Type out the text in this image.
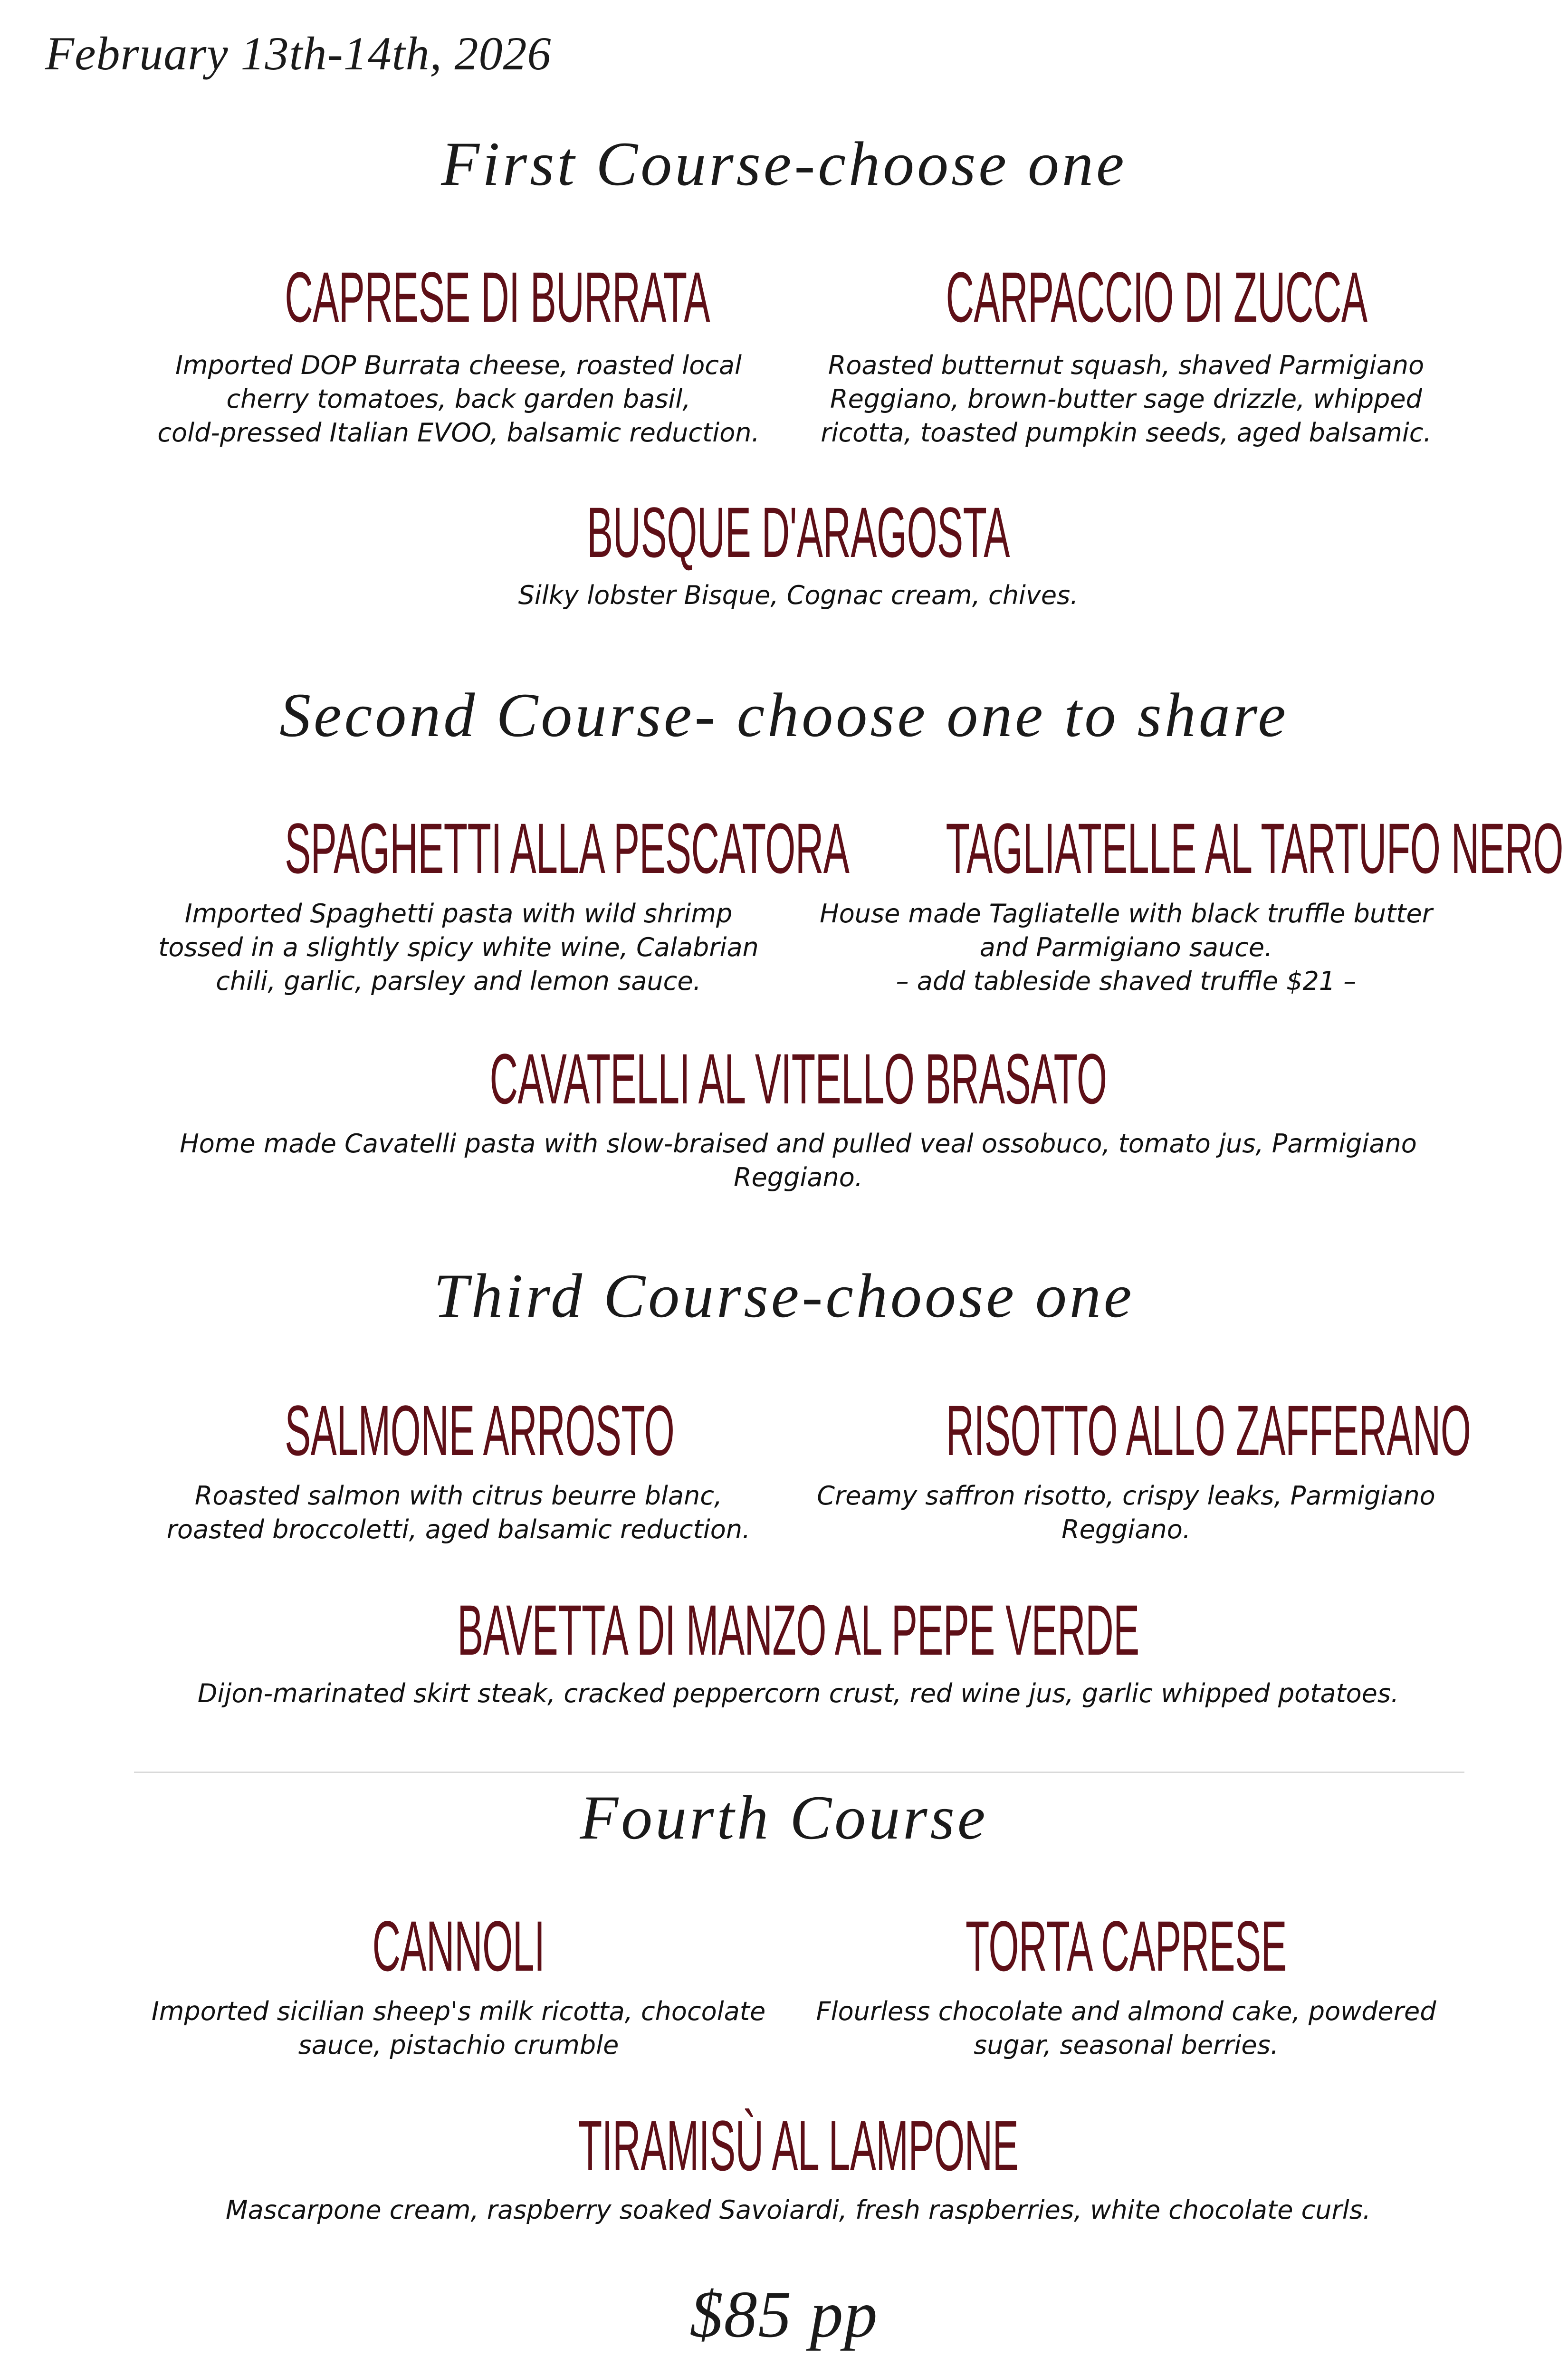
February 13th-14th, 2026
First Course-choose one
CAPRESE DI BURRATA
Imported DOP Burrata cheese, roasted local
cherry tomatoes, back garden basil,
cold-pressed Italian EVOO, balsamic reduction.
CARPACCIO DI ZUCCA
Roasted butternut squash, shaved Parmigiano
Reggiano, brown-butter sage drizzle, whipped
ricotta, toasted pumpkin seeds, aged balsamic.
BUSQUE D'ARAGOSTA
Silky lobster Bisque, Cognac cream, chives.
Second Course- choose one to share
SPAGHETTI ALLA PESCATORA
Imported Spaghetti pasta with wild shrimp
tossed in a slightly spicy white wine, Calabrian
chili, garlic, parsley and lemon sauce.
TAGLIATELLE AL TARTUFO NERO
House made Tagliatelle with black truffle butter
and Parmigiano sauce.
– add tableside shaved truffle $21 –
CAVATELLI AL VITELLO BRASATO
Home made Cavatelli pasta with slow-braised and pulled veal ossobuco, tomato jus, Parmigiano
Reggiano.
Third Course-choose one
SALMONE ARROSTO
Roasted salmon with citrus beurre blanc,
roasted broccoletti, aged balsamic reduction.
RISOTTO ALLO ZAFFERANO
Creamy saffron risotto, crispy leaks, Parmigiano
Reggiano.
BAVETTA DI MANZO AL PEPE VERDE
Dijon-marinated skirt steak, cracked peppercorn crust, red wine jus, garlic whipped potatoes.
Fourth Course
CANNOLI
Imported sicilian sheep's milk ricotta, chocolate
sauce, pistachio crumble
TORTA CAPRESE
Flourless chocolate and almond cake, powdered
sugar, seasonal berries.
TIRAMISÙ AL LAMPONE
Mascarpone cream, raspberry soaked Savoiardi, fresh raspberries, white chocolate curls.
$85 pp
